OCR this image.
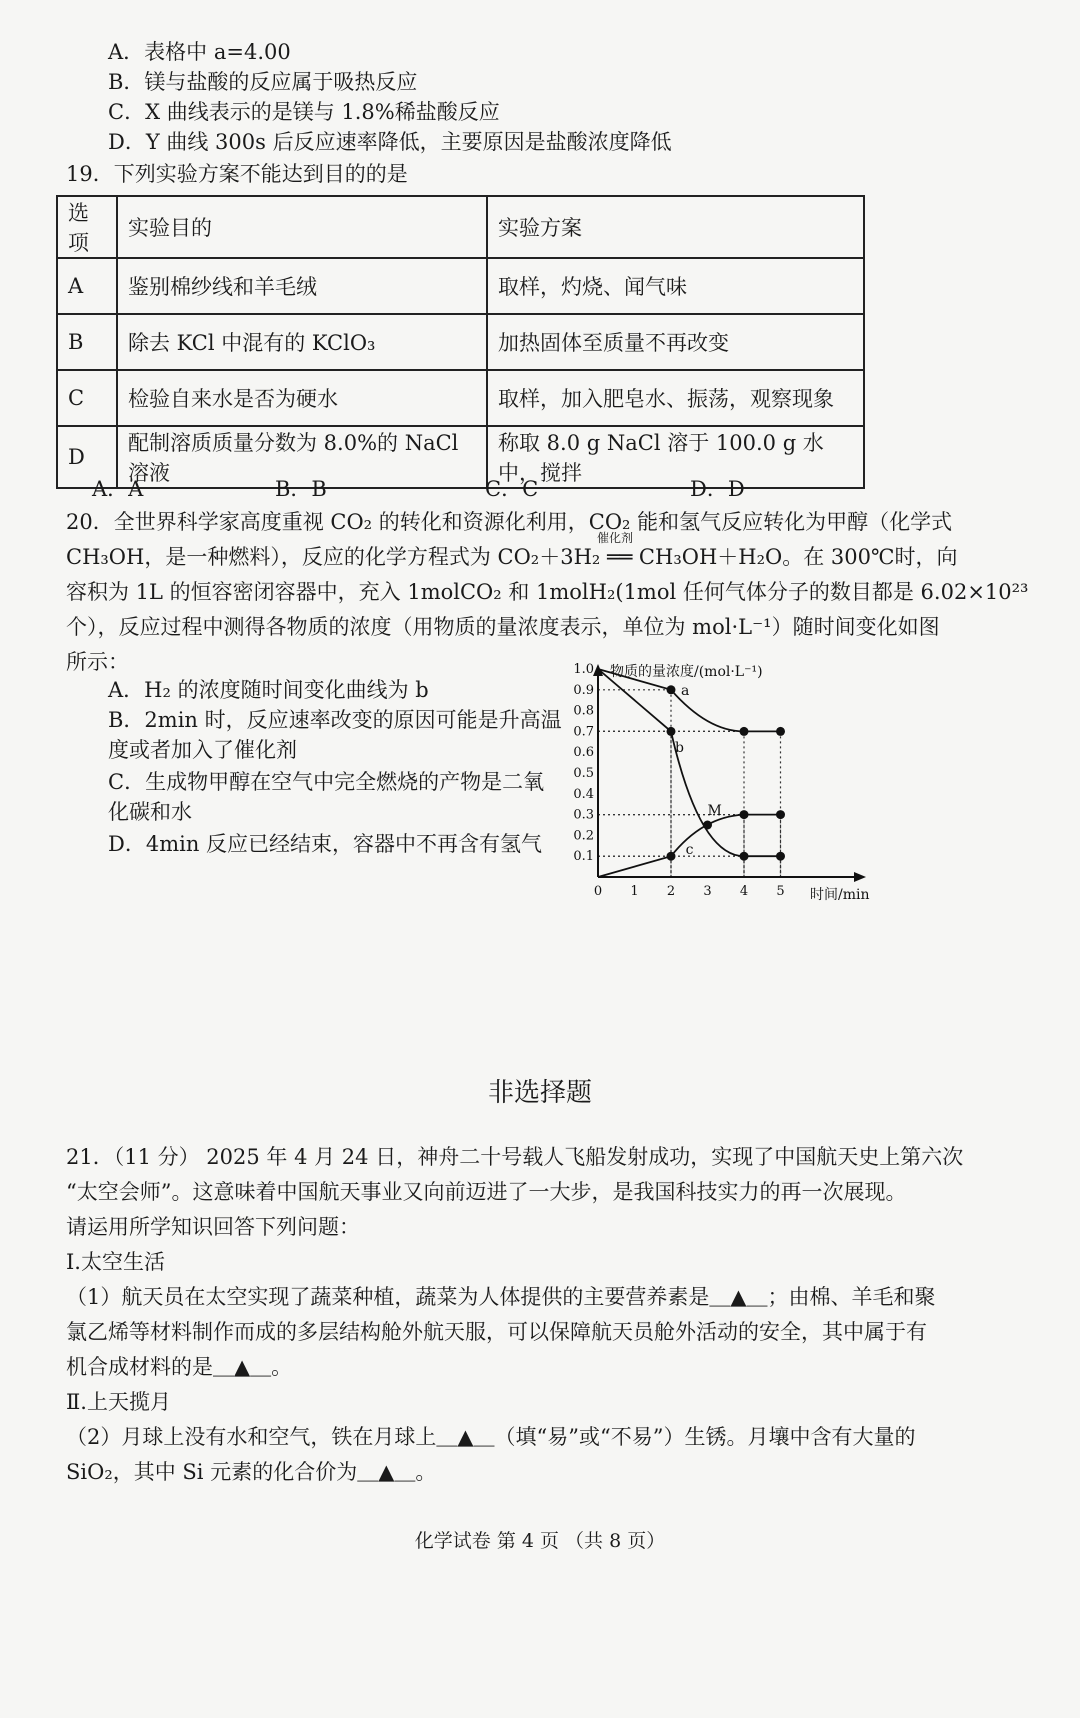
A．表格中 a=4.00
B．镁与盐酸的反应属于吸热反应
C．X 曲线表示的是镁与 1.8%稀盐酸反应
D．Y 曲线 300s 后反应速率降低，主要原因是盐酸浓度降低
19．下列实验方案不能达到目的的是
选项	实验目的	实验方案
A	鉴别棉纱线和羊毛绒	取样，灼烧、闻气味
B	除去 KCl 中混有的 KClO₃	加热固体至质量不再改变
C	检验自来水是否为硬水	取样，加入肥皂水、振荡，观察现象
D	配制溶质质量分数为 8.0%的 NaCl 溶液	称取 8.0 g NaCl 溶于 100.0 g 水中，搅拌
A．A	B．B	C．C	D．D
20．全世界科学家高度重视 CO₂ 的转化和资源化利用，CO₂ 能和氢气反应转化为甲醇（化学式
CH₃OH，是一种燃料），反应的化学方程式为 CO₂＋3H₂ ══ CH₃OH＋H₂O。在 300℃时，向
催化剂
容积为 1L 的恒容密闭容器中，充入 1molCO₂ 和 1molH₂(1mol 任何气体分子的数目都是 6.02×10²³
个），反应过程中测得各物质的浓度（用物质的量浓度表示，单位为 mol·L⁻¹）随时间变化如图
所示：
A．H₂ 的浓度随时间变化曲线为 b
B．2min 时，反应速率改变的原因可能是升高温
度或者加入了催化剂
C．生成物甲醇在空气中完全燃烧的产物是二氧
化碳和水
D．4min 反应已经结束，容器中不再含有氢气
0 1 2 3 4 5
0.1
0.2
0.3
0.4
0.5
0.6
0.7
0.8
0.9
1.0 物质的量浓度/(mol·L⁻¹)
时间/min
a
b
c
M
非选择题
21．（11 分） 2025 年 4 月 24 日，神舟二十号载人飞船发射成功，实现了中国航天史上第六次
“太空会师”。这意味着中国航天事业又向前迈进了一大步，是我国科技实力的再一次展现。
请运用所学知识回答下列问题：
Ⅰ.太空生活
（1）航天员在太空实现了蔬菜种植，蔬菜为人体提供的主要营养素是＿▲＿；由棉、羊毛和聚
氯乙烯等材料制作而成的多层结构舱外航天服，可以保障航天员舱外活动的安全，其中属于有
机合成材料的是＿▲＿。
Ⅱ.上天揽月
（2）月球上没有水和空气，铁在月球上＿▲＿（填“易”或“不易”）生锈。月壤中含有大量的
SiO₂，其中 Si 元素的化合价为＿▲＿。
化学试卷 第 4 页 （共 8 页）
